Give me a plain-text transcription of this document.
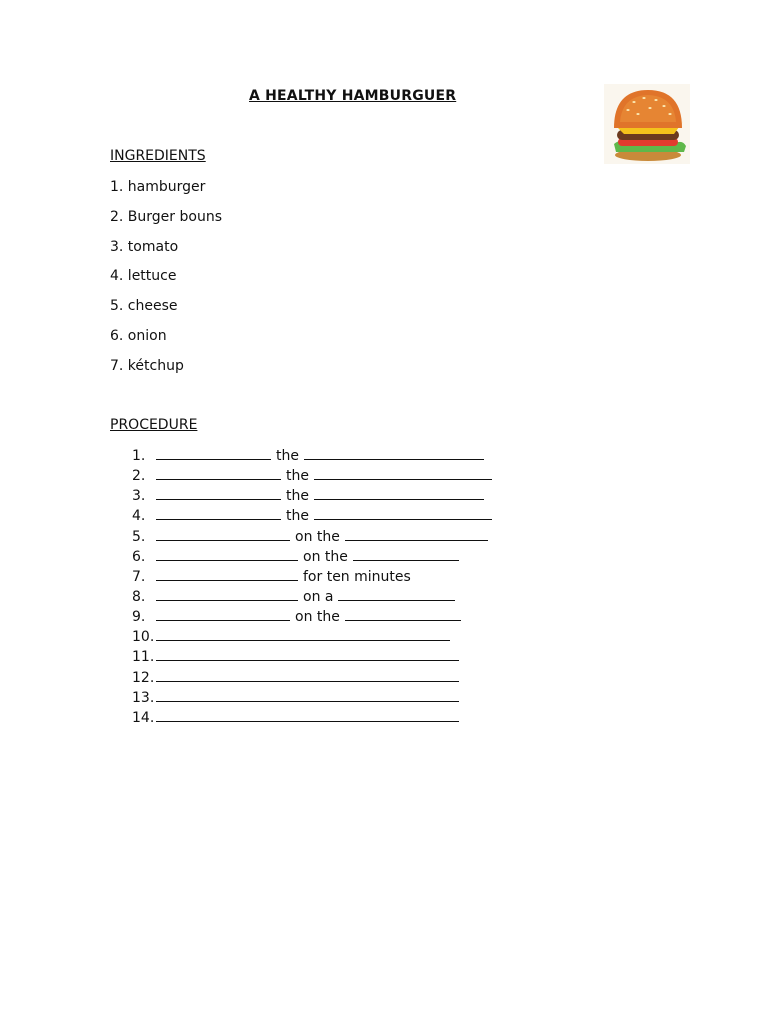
A HEALTHY HAMBURGUER
INGREDIENTS
1. hamburger
2. Burger bouns
3. tomato
4. lettuce
5. cheese
6. onion
7. kétchup
PROCEDURE
1.	the
2.	the
3.	the
4.	the
5.	on the
6.	on the
7.	for ten minutes
8.	on a
9.	on the
10.
11.
12.
13.
14.
